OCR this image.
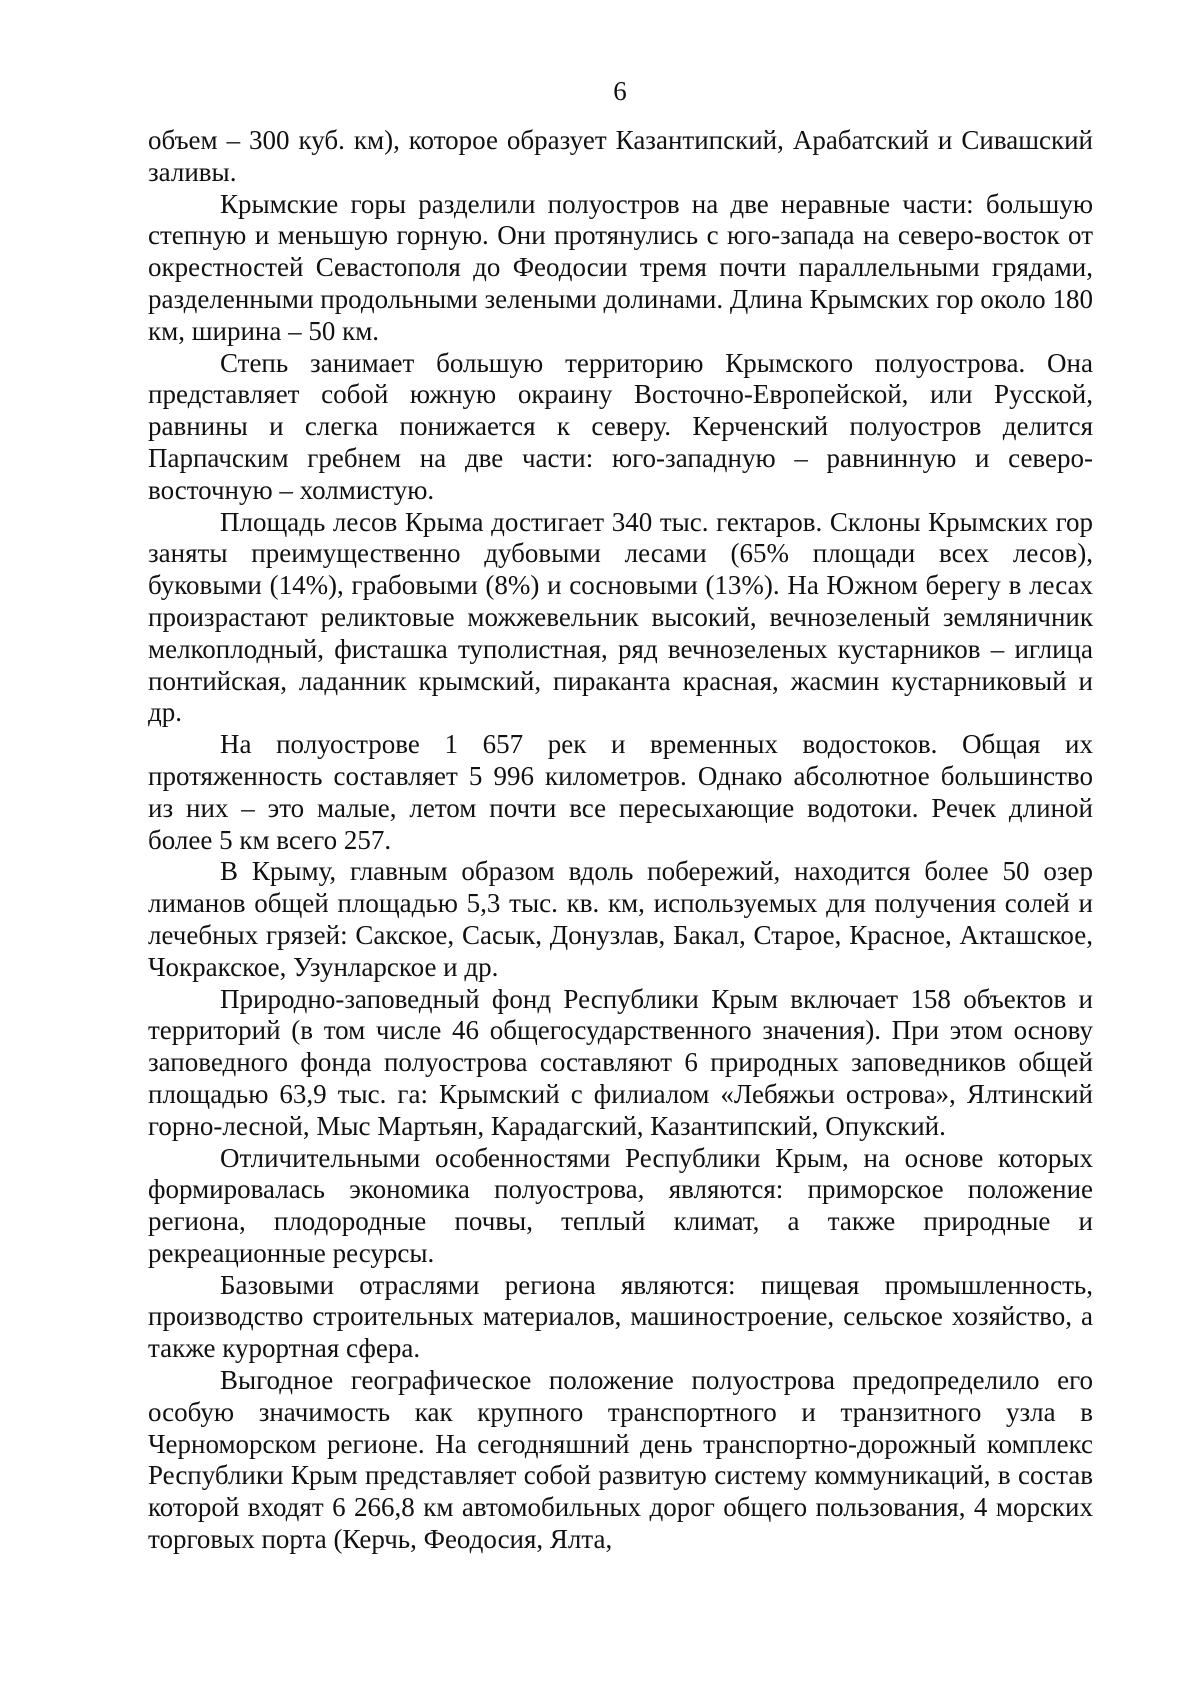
6

объем – 300 куб. км), которое образует Казантипский, Арабатский и Сивашский заливы.

Крымские горы разделили полуостров на две неравные части: большую степную и меньшую горную. Они протянулись с юго-запада на северо-восток от окрестностей Севастополя до Феодосии тремя почти параллельными грядами, разделенными продольными зелеными долинами. Длина Крымских гор около 180 км, ширина – 50 км.

Степь занимает большую территорию Крымского полуострова. Она представляет собой южную окраину Восточно-Европейской, или Русской, равнины и слегка понижается к северу. Керченский полуостров делится Парпачским гребнем на две части: юго-западную – равнинную и северо-восточную – холмистую.

Площадь лесов Крыма достигает 340 тыс. гектаров. Склоны Крымских гор заняты преимущественно дубовыми лесами (65% площади всех лесов), буковыми (14%), грабовыми (8%) и сосновыми (13%). На Южном берегу в лесах произрастают реликтовые можжевельник высокий, вечнозеленый земляничник мелкоплодный, фисташка туполистная, ряд вечнозеленых кустарников – иглица понтийская, ладанник крымский, пираканта красная, жасмин кустарниковый и др.

На полуострове 1 657 рек и временных водостоков. Общая их протяженность составляет 5 996 километров. Однако абсолютное большинство из них – это малые, летом почти все пересыхающие водотоки. Речек длиной более 5 км всего 257.

В Крыму, главным образом вдоль побережий, находится более 50 озер лиманов общей площадью 5,3 тыс. кв. км, используемых для получения солей и лечебных грязей: Сакское, Сасык, Донузлав, Бакал, Старое, Красное, Акташское, Чокракское, Узунларское и др.

Природно-заповедный фонд Республики Крым включает 158 объектов и территорий (в том числе 46 общегосударственного значения). При этом основу заповедного фонда полуострова составляют 6 природных заповедников общей площадью 63,9 тыс. га: Крымский с филиалом «Лебяжьи острова», Ялтинский горно-лесной, Мыс Мартьян, Карадагский, Казантипский, Опукский.

Отличительными особенностями Республики Крым, на основе которых формировалась экономика полуострова, являются: приморское положение региона, плодородные почвы, теплый климат, а также природные и рекреационные ресурсы.

Базовыми отраслями региона являются: пищевая промышленность, производство строительных материалов, машиностроение, сельское хозяйство, а также курортная сфера.

Выгодное географическое положение полуострова предопределило его особую значимость как крупного транспортного и транзитного узла в Черноморском регионе. На сегодняшний день транспортно-дорожный комплекс Республики Крым представляет собой развитую систему коммуникаций, в состав которой входят 6 266,8 км автомобильных дорог общего пользования, 4 морских торговых порта (Керчь, Феодосия, Ялта,
